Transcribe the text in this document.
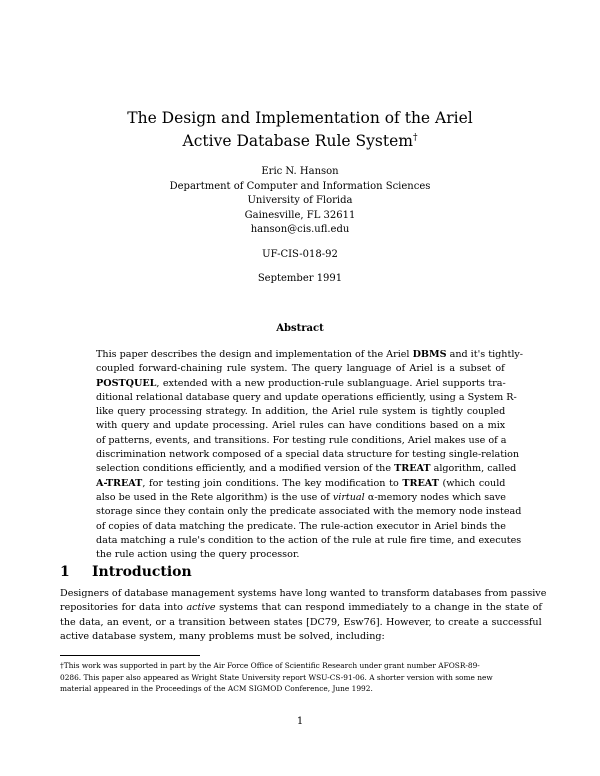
The Design and Implementation of the Ariel
Active Database Rule System†
Eric N. Hanson
Department of Computer and Information Sciences
University of Florida
Gainesville, FL 32611
hanson@cis.ufl.edu
UF-CIS-018-92
September 1991
Abstract
This paper describes the design and implementation of the Ariel DBMS and it's tightly-
coupled forward-chaining rule system. The query language of Ariel is a subset of
POSTQUEL, extended with a new production-rule sublanguage. Ariel supports tra-
ditional relational database query and update operations efficiently, using a System R-
like query processing strategy. In addition, the Ariel rule system is tightly coupled
with query and update processing. Ariel rules can have conditions based on a mix
of patterns, events, and transitions. For testing rule conditions, Ariel makes use of a
discrimination network composed of a special data structure for testing single-relation
selection conditions efficiently, and a modified version of the TREAT algorithm, called
A-TREAT, for testing join conditions. The key modification to TREAT (which could
also be used in the Rete algorithm) is the use of virtual α-memory nodes which save
storage since they contain only the predicate associated with the memory node instead
of copies of data matching the predicate. The rule-action executor in Ariel binds the
data matching a rule's condition to the action of the rule at rule fire time, and executes
the rule action using the query processor.
1 Introduction
Designers of database management systems have long wanted to transform databases from passive
repositories for data into active systems that can respond immediately to a change in the state of
the data, an event, or a transition between states [DC79, Esw76]. However, to create a successful
active database system, many problems must be solved, including:
†This work was supported in part by the Air Force Office of Scientific Research under grant number AFOSR-89-
0286. This paper also appeared as Wright State University report WSU-CS-91-06. A shorter version with some new
material appeared in the Proceedings of the ACM SIGMOD Conference, June 1992.
1
